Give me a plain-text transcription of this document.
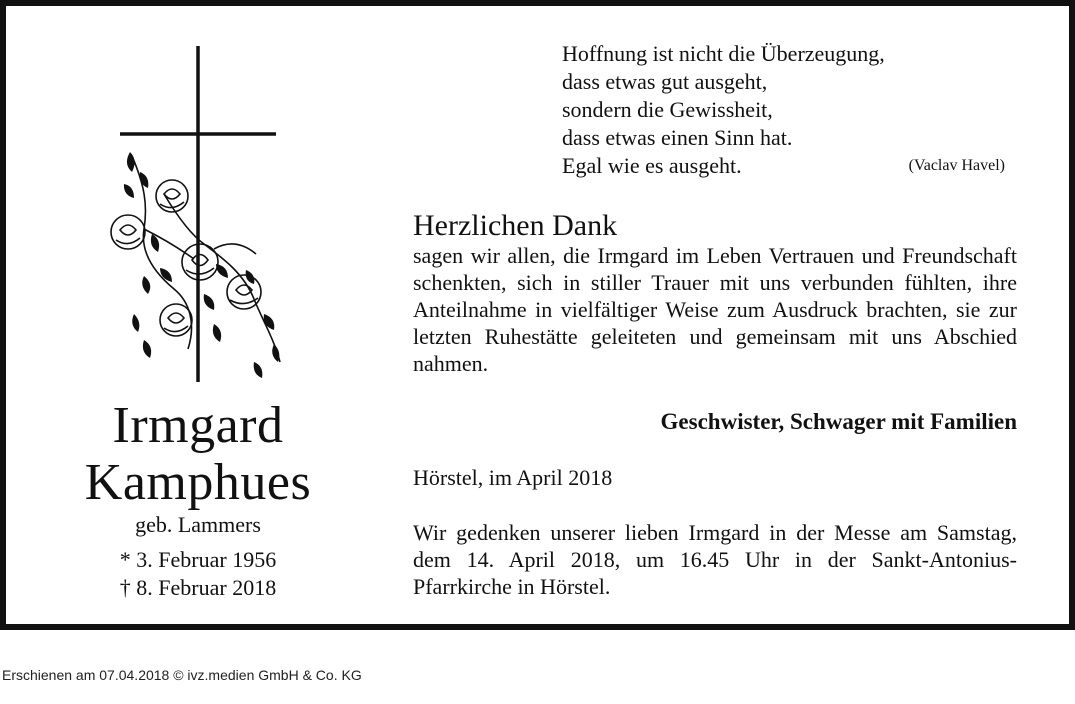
Irmgard
Kamphues
geb. Lammers
* 3. Februar 1956
† 8. Februar 2018
Hoffnung ist nicht die Überzeugung,
dass etwas gut ausgeht,
sondern die Gewissheit,
dass etwas einen Sinn hat.
Egal wie es ausgeht.	(Vaclav Havel)
Herzlichen Dank
sagen wir allen, die Irmgard im Leben Vertrauen und Freundschaft schenkten, sich in stiller Trauer mit uns verbunden fühlten, ihre Anteilnahme in vielfältiger Weise zum Ausdruck brachten, sie zur letzten Ruhestätte geleiteten und gemeinsam mit uns Abschied nahmen.
Geschwister, Schwager mit Familien
Hörstel, im April 2018
Wir gedenken unserer lieben Irmgard in der Messe am Samstag, dem 14. April 2018, um 16.45 Uhr in der Sankt-Antonius-Pfarrkirche in Hörstel.
Erschienen am 07.04.2018 © ivz.medien GmbH & Co. KG
